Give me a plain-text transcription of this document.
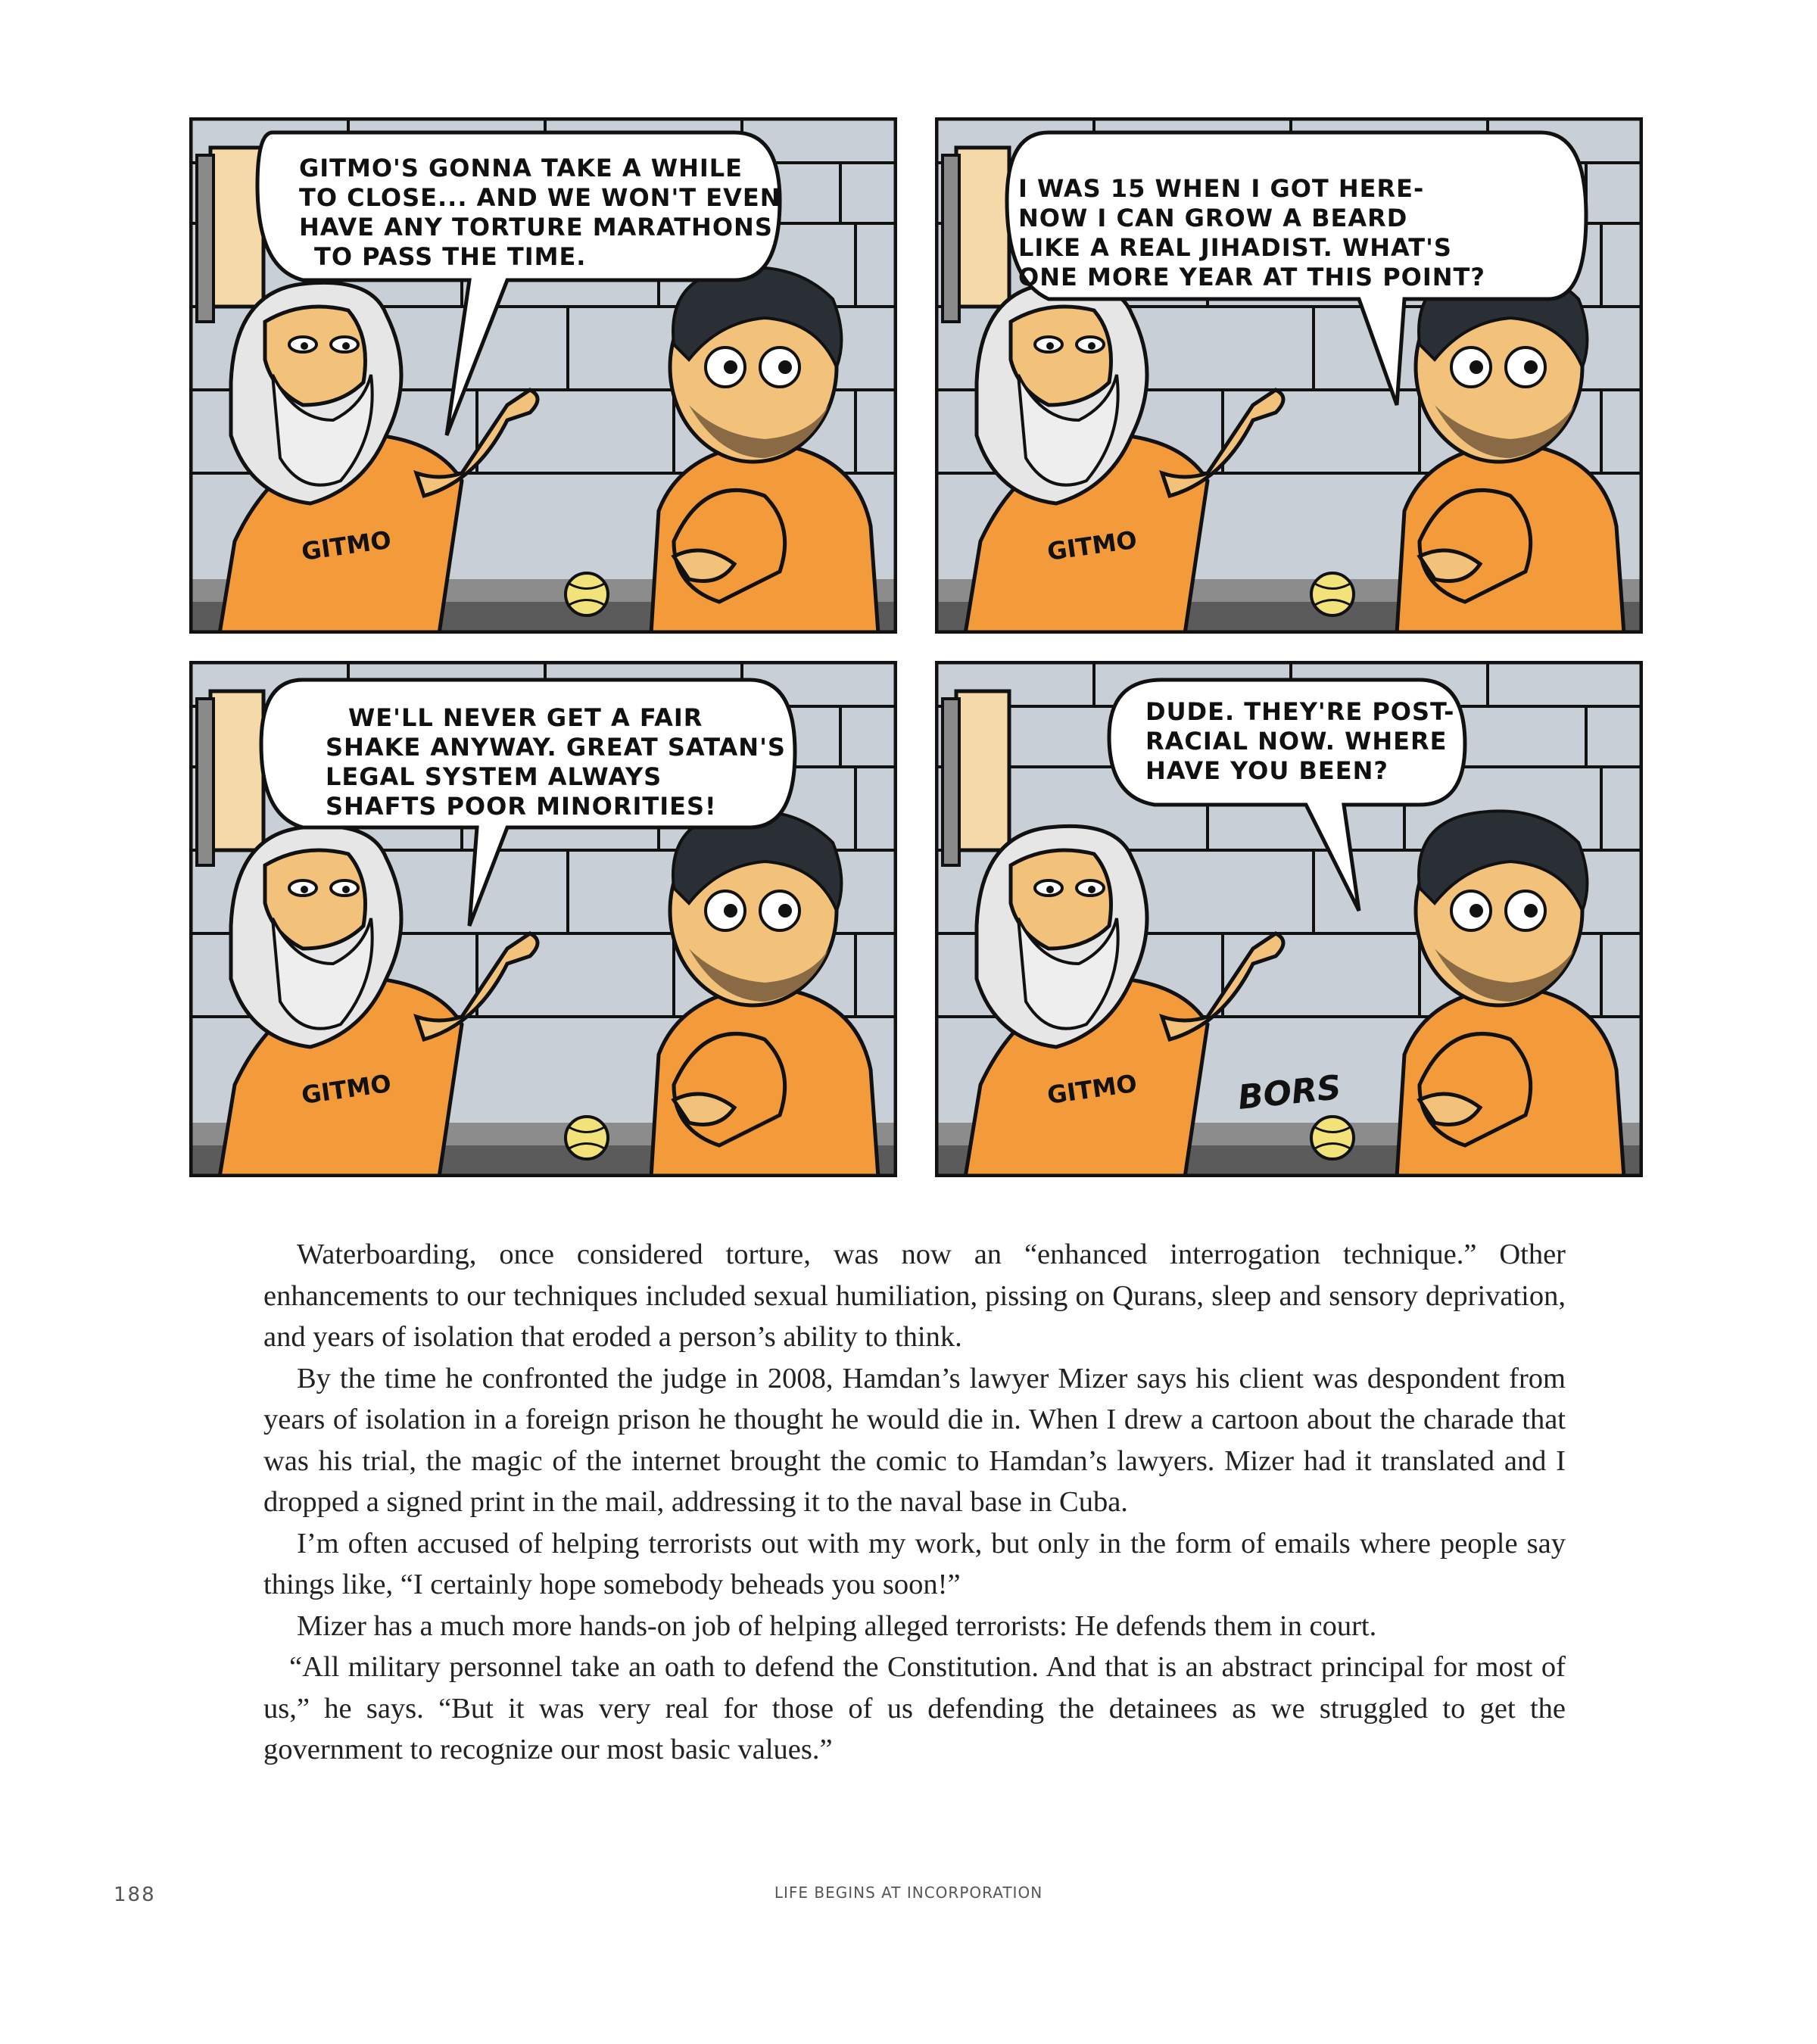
GITMO
GITMO'S GONNA TAKE A WHILE
TO CLOSE... AND WE WON'T EVEN
HAVE ANY TORTURE MARATHONS
TO PASS THE TIME.
GITMO
I WAS 15 WHEN I GOT HERE-
NOW I CAN GROW A BEARD
LIKE A REAL JIHADIST. WHAT'S
ONE MORE YEAR AT THIS POINT?
GITMO
WE'LL NEVER GET A FAIR
SHAKE ANYWAY. GREAT SATAN'S
LEGAL SYSTEM ALWAYS
SHAFTS POOR MINORITIES!
GITMO
DUDE. THEY'RE POST-
RACIAL NOW. WHERE
HAVE YOU BEEN?
BORS

Waterboarding, once considered torture, was now an “enhanced interrogation technique.” Other enhancements to our techniques included sexual humiliation, pissing on Qurans, sleep and sensory deprivation, and years of isolation that eroded a person’s ability to think.

By the time he confronted the judge in 2008, Hamdan’s lawyer Mizer says his client was despondent from years of isolation in a foreign prison he thought he would die in. When I drew a cartoon about the charade that was his trial, the magic of the internet brought the comic to Hamdan’s lawyers. Mizer had it translated and I dropped a signed print in the mail, addressing it to the naval base in Cuba.

I’m often accused of helping terrorists out with my work, but only in the form of emails where people say things like, “I certainly hope somebody beheads you soon!”

Mizer has a much more hands-on job of helping alleged terrorists: He defends them in court.

“All military personnel take an oath to defend the Constitution. And that is an abstract principal for most of us,” he says. “But it was very real for those of us defending the detainees as we struggled to get the government to recognize our most basic values.”

188	LIFE BEGINS AT INCORPORATION
